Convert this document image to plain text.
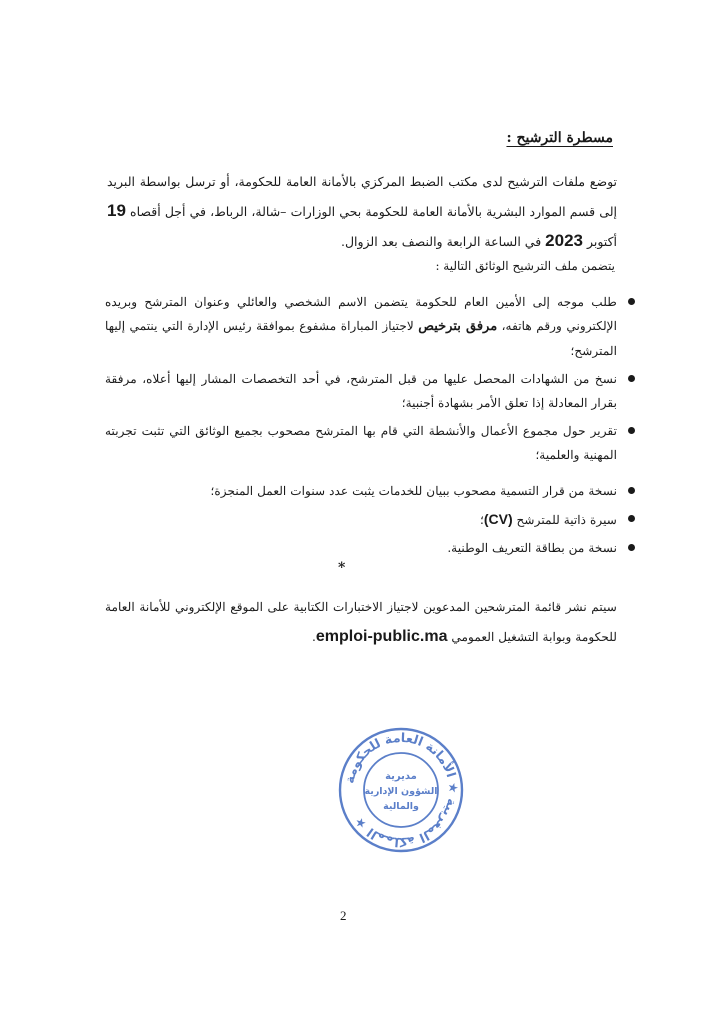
مسطرة الترشيح :

توضع ملفات الترشيح لدى مكتب الضبط المركزي بالأمانة العامة للحكومة، أو ترسل بواسطة البريد إلى قسم الموارد البشرية بالأمانة العامة للحكومة بحي الوزارات –شالة، الرباط، في أجل أقصاه 19 أكتوبر 2023 في الساعة الرابعة والنصف بعد الزوال.

يتضمن ملف الترشيح الوثائق التالية :
طلب موجه إلى الأمين العام للحكومة يتضمن الاسم الشخصي والعائلي وعنوان المترشح وبريده الإلكتروني ورقم هاتفه، مرفق بترخيص لاجتياز المباراة مشفوع بموافقة رئيس الإدارة التي ينتمي إليها المترشح؛
نسخ من الشهادات المحصل عليها من قبل المترشح، في أحد التخصصات المشار إليها أعلاه، مرفقة بقرار المعادلة إذا تعلق الأمر بشهادة أجنبية؛
تقرير حول مجموع الأعمال والأنشطة التي قام بها المترشح مصحوب بجميع الوثائق التي تثبت تجربته المهنية والعلمية؛
نسخة من قرار التسمية مصحوب ببيان للخدمات يثبت عدد سنوات العمل المنجزة؛
سيرة ذاتية للمترشح (CV)؛
نسخة من بطاقة التعريف الوطنية.
*

سيتم نشر قائمة المترشحين المدعوين لاجتياز الاختبارات الكتابية على الموقع الإلكتروني للأمانة العامة للحكومة وبوابة التشغيل العمومي emploi-public.ma.

المملكة المغربية ★ الأمانة العامة للحكومة ★
مديرية
الشؤون الإدارية
والمالية
2
